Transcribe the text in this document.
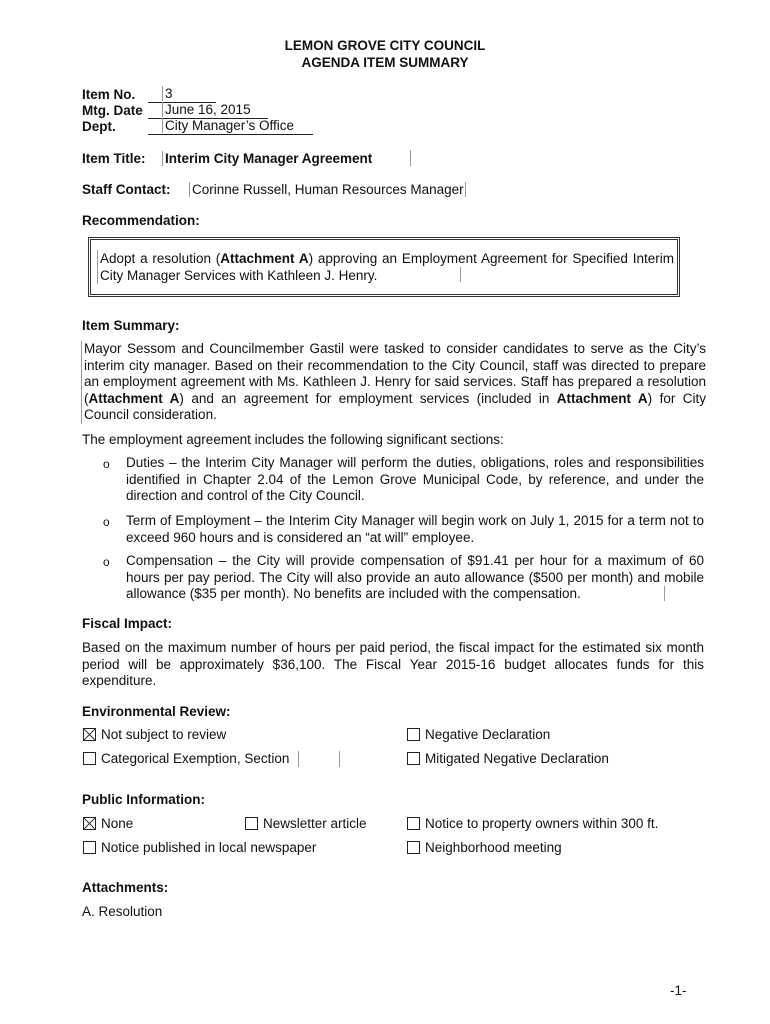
LEMON GROVE CITY COUNCIL
AGENDA ITEM SUMMARY
Item No.	3
Mtg. Date	June 16, 2015
Dept.	City Manager’s Office
Item Title: Interim City Manager Agreement
Staff Contact: Corinne Russell, Human Resources Manager
Recommendation:
Adopt a resolution (Attachment A) approving an Employment Agreement for Specified Interim City Manager Services with Kathleen J. Henry.
Item Summary:
Mayor Sessom and Councilmember Gastil were tasked to consider candidates to serve as the City’s interim city manager. Based on their recommendation to the City Council, staff was directed to prepare an employment agreement with Ms. Kathleen J. Henry for said services. Staff has prepared a resolution (Attachment A) and an agreement for employment services (included in Attachment A) for City Council consideration.
The employment agreement includes the following significant sections:
o Duties – the Interim City Manager will perform the duties, obligations, roles and responsibilities identified in Chapter 2.04 of the Lemon Grove Municipal Code, by reference, and under the direction and control of the City Council.
o Term of Employment – the Interim City Manager will begin work on July 1, 2015 for a term not to exceed 960 hours and is considered an “at will” employee.
o Compensation – the City will provide compensation of $91.41 per hour for a maximum of 60 hours per pay period. The City will also provide an auto allowance ($500 per month) and mobile allowance ($35 per month). No benefits are included with the compensation.
Fiscal Impact:
Based on the maximum number of hours per paid period, the fiscal impact for the estimated six month period will be approximately $36,100. The Fiscal Year 2015-16 budget allocates funds for this expenditure.
Environmental Review:
Not subject to review	Negative Declaration
Categorical Exemption, Section	Mitigated Negative Declaration
Public Information:
None	Newsletter article	Notice to property owners within 300 ft.
Notice published in local newspaper	Neighborhood meeting
Attachments:
A. Resolution
-1-
